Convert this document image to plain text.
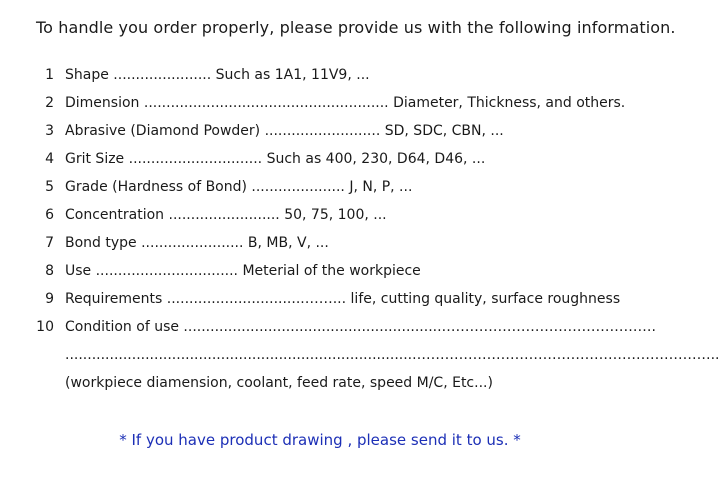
To handle you order properly, please provide us with the following information.
1 Shape ...................... Such as 1A1, 11V9, ...
2 Dimension ....................................................... Diameter, Thickness, and others.
3 Abrasive (Diamond Powder) .......................... SD, SDC, CBN, ...
4 Grit Size .............................. Such as 400, 230, D64, D46, ...
5 Grade (Hardness of Bond) ..................... J, N, P, ...
6 Concentration ......................... 50, 75, 100, ...
7 Bond type ....................... B, MB, V, ...
8 Use ................................ Meterial of the workpiece
9 Requirements ...............................……... life, cutting quality, surface roughness
10 Condition of use ..........................................................……………………………………….
...............................................................................………………………………………………………..
(workpiece diamension, coolant, feed rate, speed M/C, Etc...)
* If you have product drawing , please send it to us. *
